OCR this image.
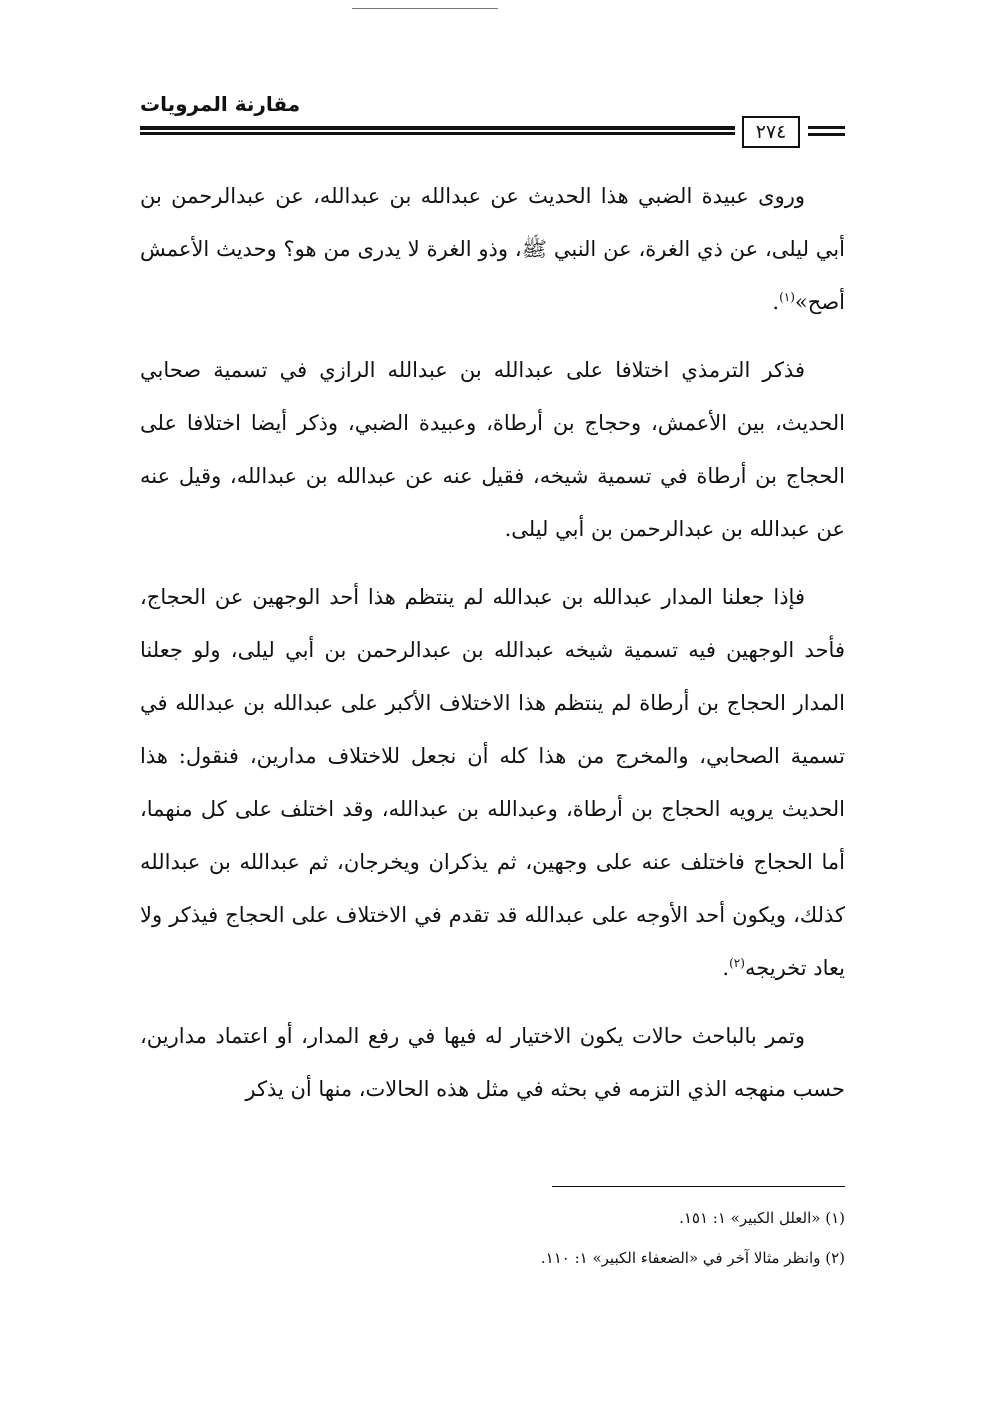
مقارنة المرويات
٢٧٤

وروى عبيدة الضبي هذا الحديث عن عبدالله بن عبدالله، عن عبدالرحمن بن أبي ليلى، عن ذي الغرة، عن النبي ﷺ، وذو الغرة لا يدرى من هو؟ وحديث الأعمش أصح»$^{(١)}$.

فذكر الترمذي اختلافا على عبدالله بن عبدالله الرازي في تسمية صحابي الحديث، بين الأعمش، وحجاج بن أرطاة، وعبيدة الضبي، وذكر أيضا اختلافا على الحجاج بن أرطاة في تسمية شيخه، فقيل عنه عن عبدالله بن عبدالله، وقيل عنه عن عبدالله بن عبدالرحمن بن أبي ليلى.

فإذا جعلنا المدار عبدالله بن عبدالله لم ينتظم هذا أحد الوجهين عن الحجاج، فأحد الوجهين فيه تسمية شيخه عبدالله بن عبدالرحمن بن أبي ليلى، ولو جعلنا المدار الحجاج بن أرطاة لم ينتظم هذا الاختلاف الأكبر على عبدالله بن عبدالله في تسمية الصحابي، والمخرج من هذا كله أن نجعل للاختلاف مدارين، فنقول: هذا الحديث يرويه الحجاج بن أرطاة، وعبدالله بن عبدالله، وقد اختلف على كل منهما، أما الحجاج فاختلف عنه على وجهين، ثم يذكران ويخرجان، ثم عبدالله بن عبدالله كذلك، ويكون أحد الأوجه على عبدالله قد تقدم في الاختلاف على الحجاج فيذكر ولا يعاد تخريجه$^{(٢)}$.

وتمر بالباحث حالات يكون الاختيار له فيها في رفع المدار، أو اعتماد مدارين، حسب منهجه الذي التزمه في بحثه في مثل هذه الحالات، منها أن يذكر

(١) «العلل الكبير» ١: ١٥١.

(٢) وانظر مثالا آخر في «الضعفاء الكبير» ١: ١١٠.
